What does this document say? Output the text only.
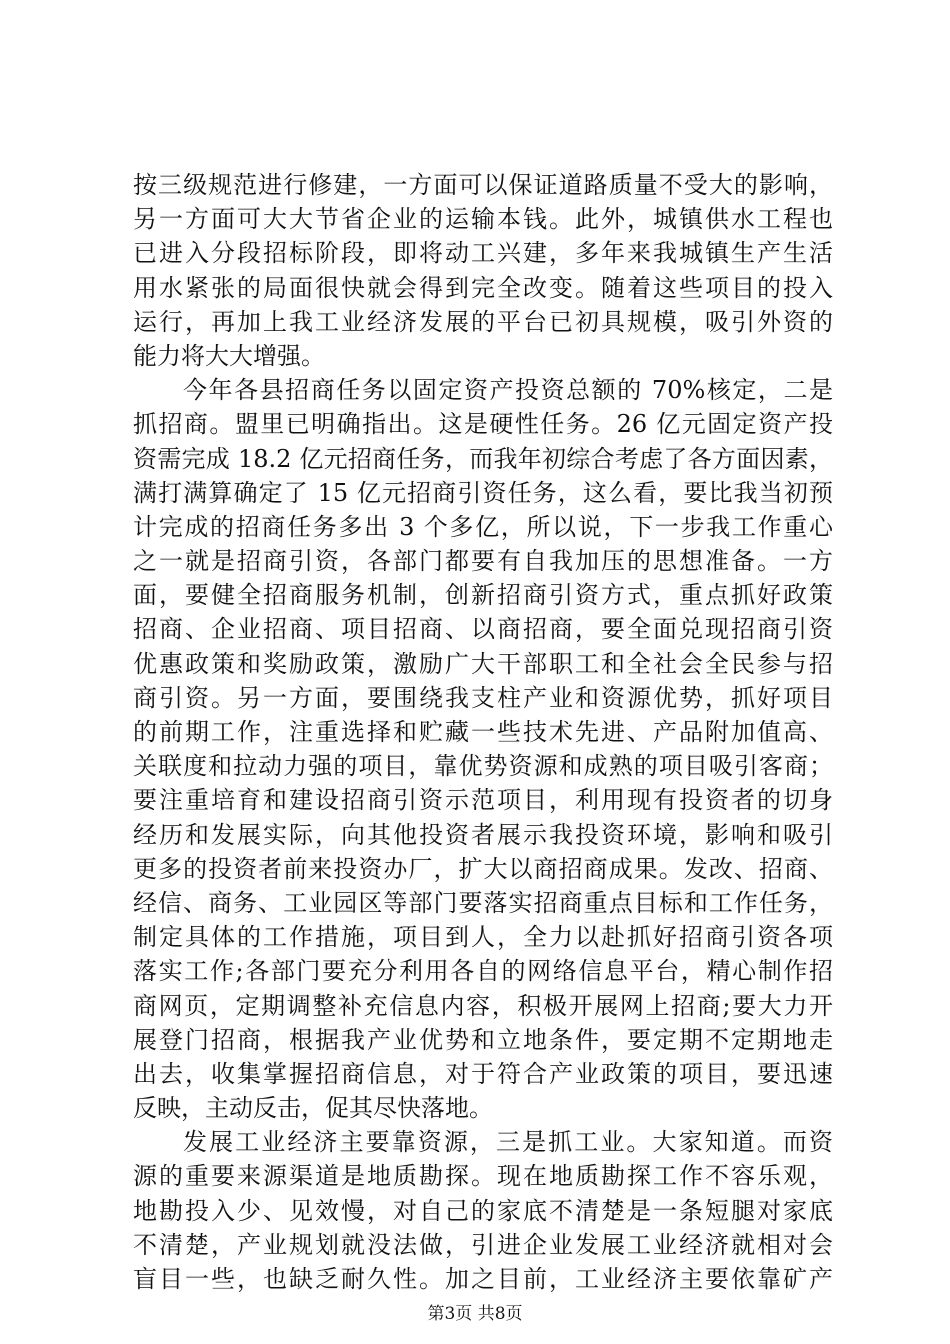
按三级规范进行修建，一方面可以保证道路质量不受大的影响，
另一方面可大大节省企业的运输本钱。此外，城镇供水工程也
已进入分段招标阶段，即将动工兴建，多年来我城镇生产生活
用水紧张的局面很快就会得到完全改变。随着这些项目的投入
运行，再加上我工业经济发展的平台已初具规模，吸引外资的
能力将大大增强。
今年各县招商任务以固定资产投资总额的 70%核定，二是
抓招商。盟里已明确指出。这是硬性任务。26 亿元固定资产投
资需完成 18.2 亿元招商任务，而我年初综合考虑了各方面因素，
满打满算确定了 15 亿元招商引资任务，这么看，要比我当初预
计完成的招商任务多出 3 个多亿，所以说，下一步我工作重心
之一就是招商引资，各部门都要有自我加压的思想准备。一方
面，要健全招商服务机制，创新招商引资方式，重点抓好政策
招商、企业招商、项目招商、以商招商，要全面兑现招商引资
优惠政策和奖励政策，激励广大干部职工和全社会全民参与招
商引资。另一方面，要围绕我支柱产业和资源优势，抓好项目
的前期工作，注重选择和贮藏一些技术先进、产品附加值高、
关联度和拉动力强的项目，靠优势资源和成熟的项目吸引客商；
要注重培育和建设招商引资示范项目，利用现有投资者的切身
经历和发展实际，向其他投资者展示我投资环境，影响和吸引
更多的投资者前来投资办厂，扩大以商招商成果。发改、招商、
经信、商务、工业园区等部门要落实招商重点目标和工作任务，
制定具体的工作措施，项目到人，全力以赴抓好招商引资各项
落实工作;各部门要充分利用各自的网络信息平台，精心制作招
商网页，定期调整补充信息内容，积极开展网上招商;要大力开
展登门招商，根据我产业优势和立地条件，要定期不定期地走
出去，收集掌握招商信息，对于符合产业政策的项目，要迅速
反映，主动反击，促其尽快落地。
发展工业经济主要靠资源，三是抓工业。大家知道。而资
源的重要来源渠道是地质勘探。现在地质勘探工作不容乐观，
地勘投入少、见效慢，对自己的家底不清楚是一条短腿对家底
不清楚，产业规划就没法做，引进企业发展工业经济就相对会
盲目一些，也缺乏耐久性。加之目前，工业经济主要依靠矿产
第3页 共8页
